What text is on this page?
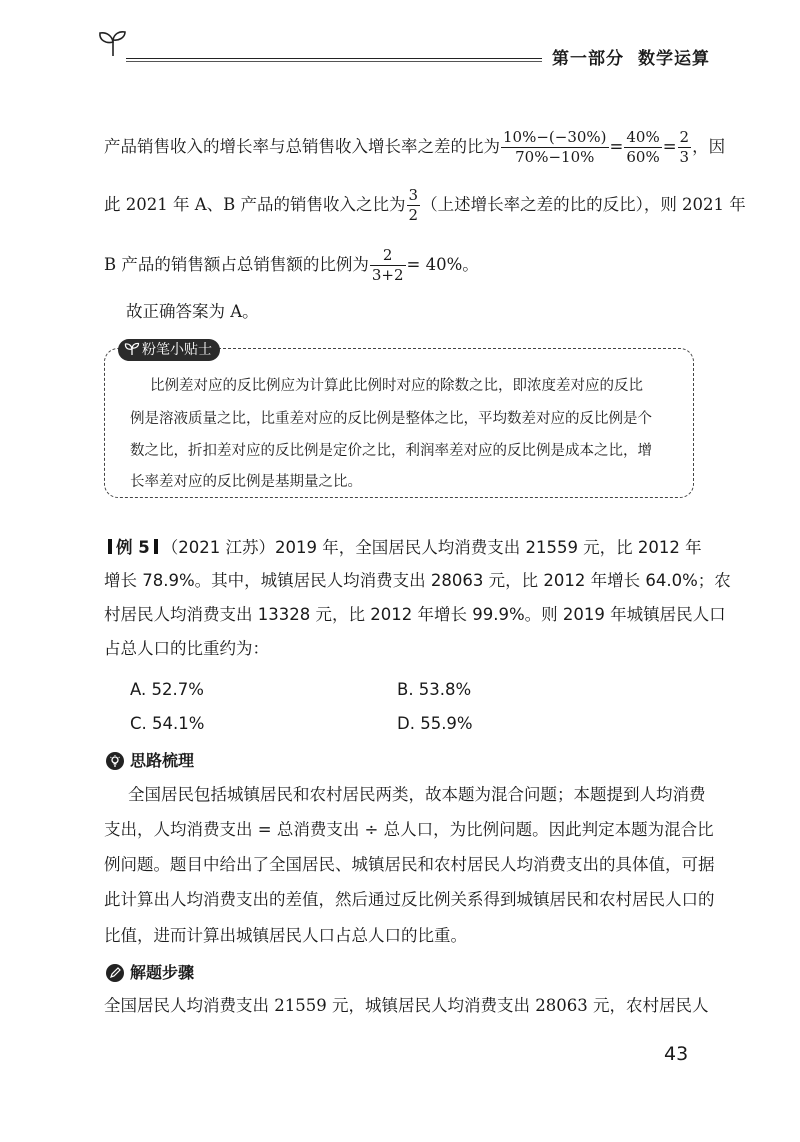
第一部分 数学运算
产品销售收入的增长率与总销售收入增长率之差的比为 $\frac{10\%-(-30\%)}{70\%-10\%} = \frac{40\%}{60\%} = \frac{2}{3}$ ，因
此 2021 年 A、B 产品的销售收入之比为 $\frac{3}{2}$ （上述增长率之差的比的反比），则 2021 年
B 产品的销售额占总销售额的比例为 $\frac{2}{3+2} = 40\%$。
故正确答案为 A。
粉笔小贴士
比例差对应的反比例应为计算此比例时对应的除数之比，即浓度差对应的反比
例是溶液质量之比，比重差对应的反比例是整体之比，平均数差对应的反比例是个
数之比，折扣差对应的反比例是定价之比，利润率差对应的反比例是成本之比，增
长率差对应的反比例是基期量之比。
例 5 （2021 江苏）2019 年，全国居民人均消费支出 21559 元，比 2012 年
增长 78.9%。其中，城镇居民人均消费支出 28063 元，比 2012 年增长 64.0%；农
村居民人均消费支出 13328 元，比 2012 年增长 99.9%。则 2019 年城镇居民人口
占总人口的比重约为：
A. 52.7%	B. 53.8%
C. 54.1%	D. 55.9%
思路梳理
全国居民包括城镇居民和农村居民两类，故本题为混合问题；本题提到人均消费
支出，人均消费支出 = 总消费支出 ÷ 总人口，为比例问题。因此判定本题为混合比
例问题。题目中给出了全国居民、城镇居民和农村居民人均消费支出的具体值，可据
此计算出人均消费支出的差值，然后通过反比例关系得到城镇居民和农村居民人口的
比值，进而计算出城镇居民人口占总人口的比重。
解题步骤
全国居民人均消费支出 21559 元，城镇居民人均消费支出 28063 元，农村居民人
43
